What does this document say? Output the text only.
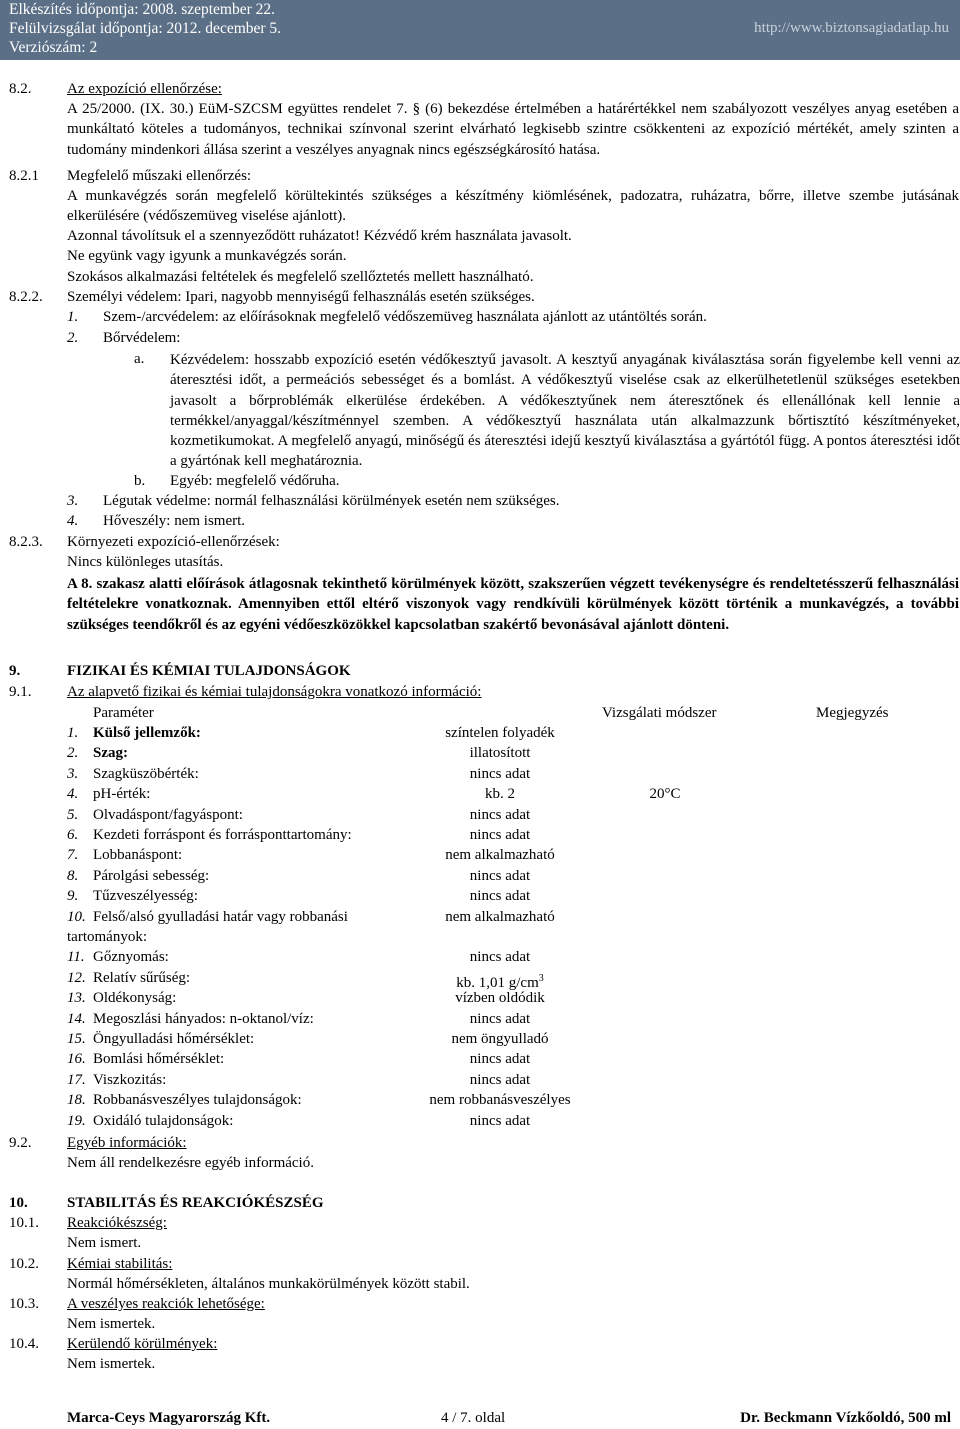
Elkészítés időpontja: 2008. szeptember 22.
Felülvizsgálat időpontja: 2012. december 5.
Verziószám: 2
http://www.biztonsagiadatlap.hu
8.2. Az expozíció ellenőrzése:
A 25/2000. (IX. 30.) EüM-SZCSM együttes rendelet 7. § (6) bekezdése értelmében a határértékkel nem szabályozott veszélyes anyag esetében a munkáltató köteles a tudományos, technikai színvonal szerint elvárható legkisebb szintre csökkenteni az expozíció mértékét, amely szinten a tudomány mindenkori állása szerint a veszélyes anyagnak nincs egészségkárosító hatása.
8.2.1 Megfelelő műszaki ellenőrzés:
A munkavégzés során megfelelő körültekintés szükséges a készítmény kiömlésének, padozatra, ruházatra, bőrre, illetve szembe jutásának elkerülésére (védőszemüveg viselése ajánlott).
Azonnal távolítsuk el a szennyeződött ruházatot! Kézvédő krém használata javasolt.
Ne együnk vagy igyunk a munkavégzés során.
Szokásos alkalmazási feltételek és megfelelő szellőztetés mellett használható.
8.2.2. Személyi védelem: Ipari, nagyobb mennyiségű felhasználás esetén szükséges.
1. Szem-/arcvédelem: az előírásoknak megfelelő védőszemüveg használata ajánlott az utántöltés során.
2. Bőrvédelem:
a. Kézvédelem: hosszabb expozíció esetén védőkesztyű javasolt. A kesztyű anyagának kiválasztása során figyelembe kell venni az áteresztési időt, a permeációs sebességet és a bomlást. A védőkesztyű viselése csak az elkerülhetetlenül szükséges esetekben javasolt a bőrproblémák elkerülése érdekében. A védőkesztyűnek nem áteresztőnek és ellenállónak kell lennie a termékkel/anyaggal/készítménnyel szemben. A védőkesztyű használata után alkalmazzunk bőrtisztító készítményeket, kozmetikumokat. A megfelelő anyagú, minőségű és áteresztési idejű kesztyű kiválasztása a gyártótól függ. A pontos áteresztési időt a gyártónak kell meghatároznia.
b. Egyéb: megfelelő védőruha.
3. Légutak védelme: normál felhasználási körülmények esetén nem szükséges.
4. Hőveszély: nem ismert.
8.2.3. Környezeti expozíció-ellenőrzések:
Nincs különleges utasítás.
A 8. szakasz alatti előírások átlagosnak tekinthető körülmények között, szakszerűen végzett tevékenységre és rendeltetésszerű felhasználási feltételekre vonatkoznak. Amennyiben ettől eltérő viszonyok vagy rendkívüli körülmények között történik a munkavégzés, a további szükséges teendőkről és az egyéni védőeszközökkel kapcsolatban szakértő bevonásával ajánlott dönteni.
9.	FIZIKAI ÉS KÉMIAI TULAJDONSÁGOK
9.1. Az alapvető fizikai és kémiai tulajdonságokra vonatkozó információ:
Paraméter	Vizsgálati módszer	Megjegyzés
1. Külső jellemzők:	színtelen folyadék
2. Szag:	illatosított
3. Szagküszöbérték:	nincs adat
4. pH-érték:	kb. 2	20°C
5. Olvadáspont/fagyáspont:	nincs adat
6. Kezdeti forráspont és forrásponttartomány:	nincs adat
7. Lobbanáspont:	nem alkalmazható
8. Párolgási sebesség:	nincs adat
9. Tűzveszélyesség:	nincs adat
10. Felső/alsó gyulladási határ vagy robbanási	nem alkalmazható
tartományok:
11. Gőznyomás:	nincs adat
12. Relatív sűrűség:	kb. 1,01 $g/cm^3$
13. Oldékonyság:	vízben oldódik
14. Megoszlási hányados: n-oktanol/víz:	nincs adat
15. Öngyulladási hőmérséklet:	nem öngyulladó
16. Bomlási hőmérséklet:	nincs adat
17. Viszkozitás:	nincs adat
18. Robbanásveszélyes tulajdonságok:	nem robbanásveszélyes
19. Oxidáló tulajdonságok:	nincs adat
9.2. Egyéb információk:
Nem áll rendelkezésre egyéb információ.
10.	STABILITÁS ÉS REAKCIÓKÉSZSÉG
10.1. Reakciókészség:
Nem ismert.
10.2. Kémiai stabilitás:
Normál hőmérsékleten, általános munkakörülmények között stabil.
10.3. A veszélyes reakciók lehetősége:
Nem ismertek.
10.4. Kerülendő körülmények:
Nem ismertek.
Marca-Ceys Magyarország Kft.	4 / 7. oldal	Dr. Beckmann Vízkőoldó, 500 ml
